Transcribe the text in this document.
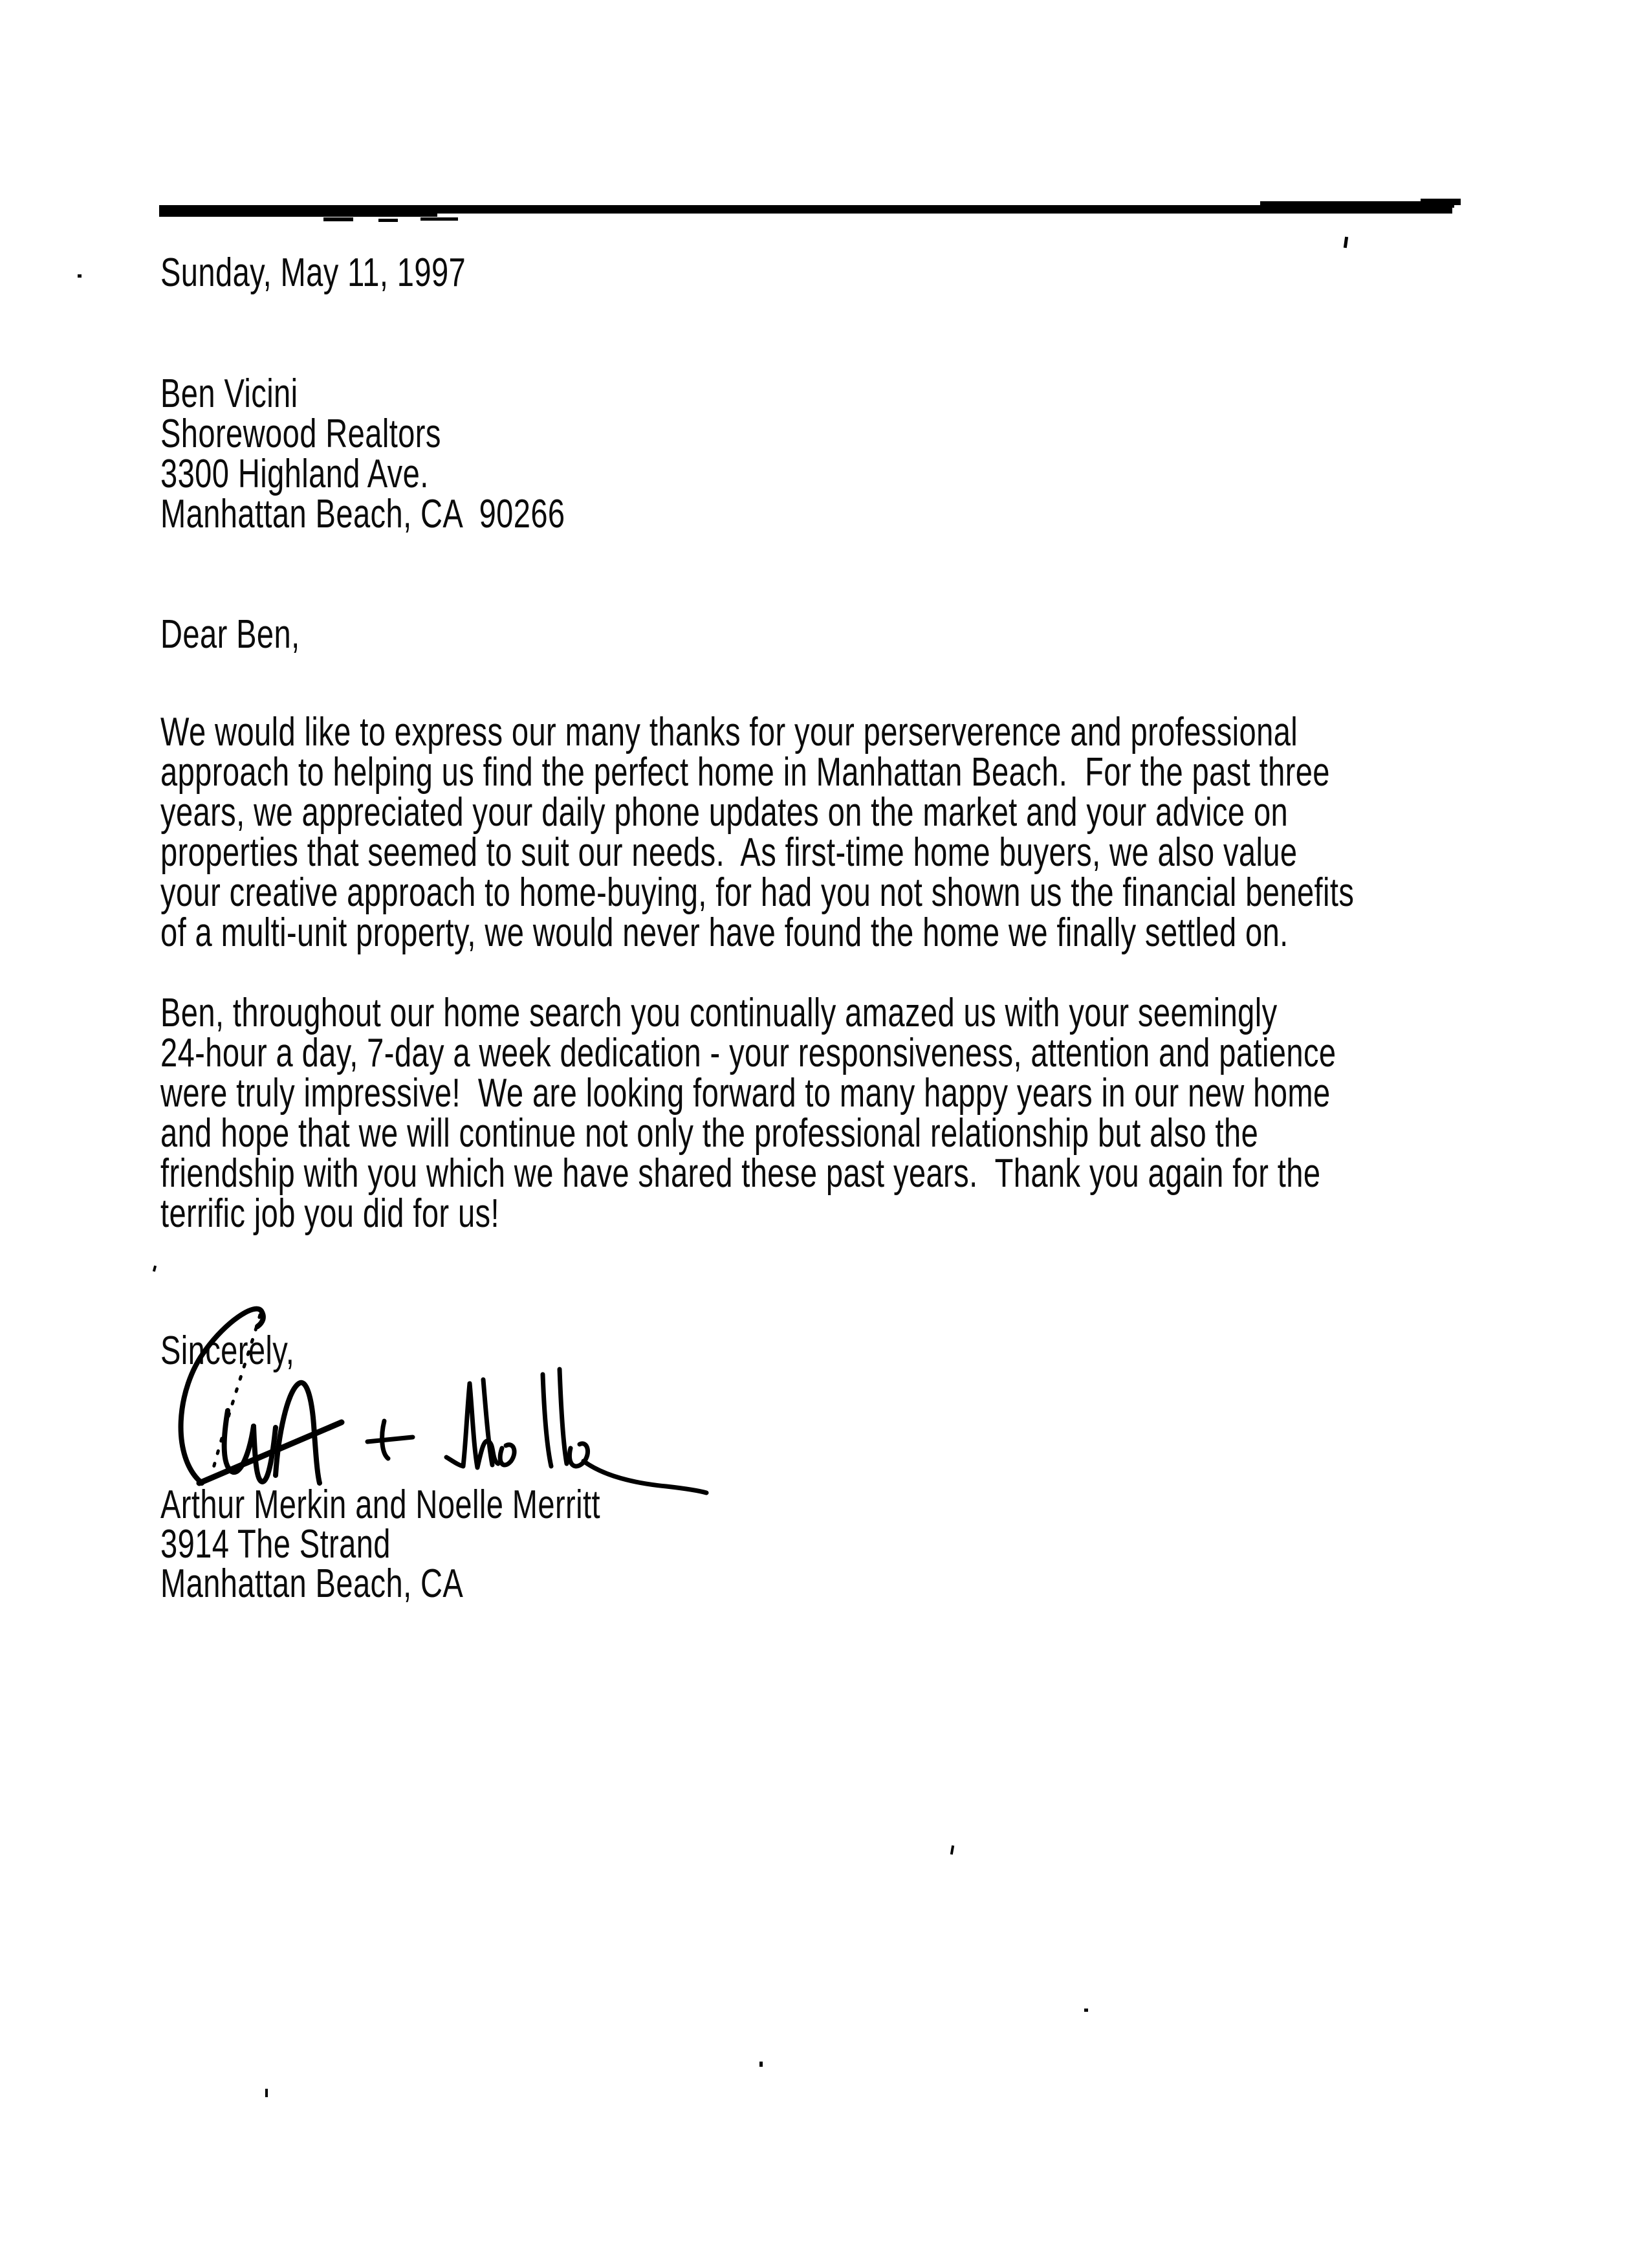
Sunday, May 11, 1997
Ben Vicini
Shorewood Realtors
3300 Highland Ave.
Manhattan Beach, CA  90266
Dear Ben,
We would like to express our many thanks for your perserverence and professional
approach to helping us find the perfect home in Manhattan Beach.  For the past three
years, we appreciated your daily phone updates on the market and your advice on
properties that seemed to suit our needs.  As first-time home buyers, we also value
your creative approach to home-buying, for had you not shown us the financial benefits
of a multi-unit property, we would never have found the home we finally settled on.
Ben, throughout our home search you continually amazed us with your seemingly
24-hour a day, 7-day a week dedication - your responsiveness, attention and patience
were truly impressive!  We are looking forward to many happy years in our new home
and hope that we will continue not only the professional relationship but also the
friendship with you which we have shared these past years.  Thank you again for the
terrific job you did for us!
Sincerely,
Arthur Merkin and Noelle Merritt
3914 The Strand
Manhattan Beach, CA
